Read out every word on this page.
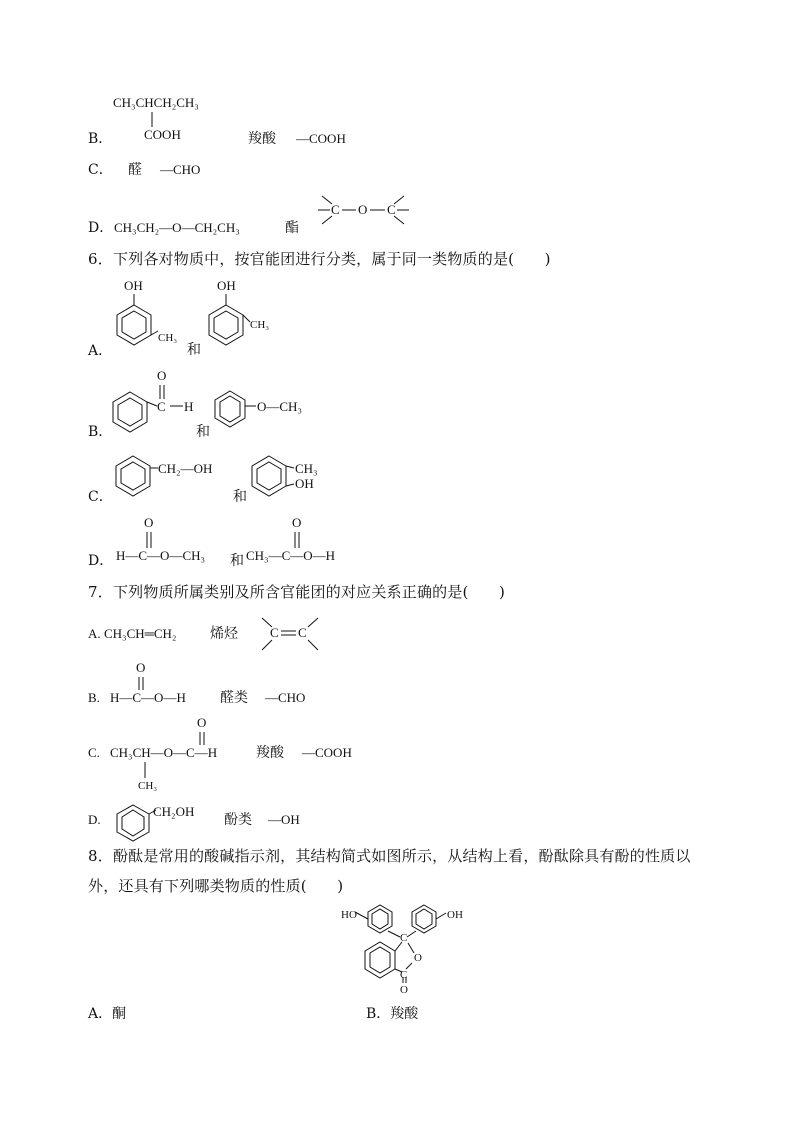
CH₃CHCH₂CH₃
B． COOH	羧酸 —COOH
C． 醛 —CHO
D． CH₃CH₂—O—CH₂CH₃	酯
C O C
6．下列各对物质中，按官能团进行分类，属于同一类物质的是(　　)
A．
OH
CH₃
和
OH
CH₃
B．
O
C H
和
O—CH₃
C．
CH₂—OH
和
CH₃
OH
D．
O
H—C—O—CH₃ 和
O
CH₃—C—O—H
7．下列物质所属类别及所含官能团的对应关系正确的是(　　)
A. CH₃CH═CH₂ 烯烃 C C
B.
O
H—C—O—H 醛类 —CHO
C.
O
CH₃CH—O—C—H
CH₃
羧酸 —COOH
D.
CH₂OH
酚类 —OH
8．酚酞是常用的酸碱指示剂，其结构简式如图所示，从结构上看，酚酞除具有酚的性质以
外，还具有下列哪类物质的性质(　　)
HO	OH
C
O
C
O
A．酮	B．羧酸
